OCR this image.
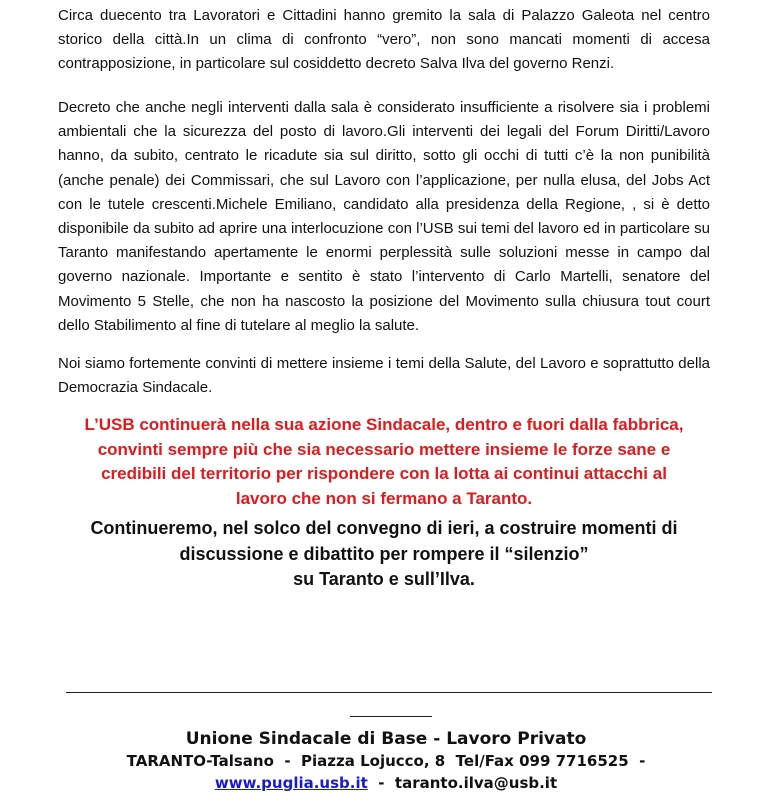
Circa duecento tra Lavoratori e Cittadini hanno gremito la sala di Palazzo Galeota nel centro storico della città.In un clima di confronto “vero”, non sono mancati momenti di accesa contrapposizione, in particolare sul cosiddetto decreto Salva Ilva del governo Renzi.

Decreto che anche negli interventi dalla sala è considerato insufficiente a risolvere sia i problemi ambientali che la sicurezza del posto di lavoro.Gli interventi dei legali del Forum Diritti/Lavoro hanno, da subito, centrato le ricadute sia sul diritto, sotto gli occhi di tutti c’è la non punibilità (anche penale) dei Commissari, che sul Lavoro con l’applicazione, per nulla elusa, del Jobs Act con le tutele crescenti.Michele Emiliano, candidato alla presidenza della Regione, , si è detto disponibile da subito ad aprire una interlocuzione con l’USB sui temi del lavoro ed in particolare su Taranto manifestando apertamente le enormi perplessità sulle soluzioni messe in campo dal governo nazionale. Importante e sentito è stato l’intervento di Carlo Martelli, senatore del Movimento 5 Stelle, che non ha nascosto la posizione del Movimento sulla chiusura tout court dello Stabilimento al fine di tutelare al meglio la salute.

Noi siamo fortemente convinti di mettere insieme i temi della Salute, del Lavoro e soprattutto della Democrazia Sindacale.

L’USB continuerà nella sua azione Sindacale, dentro e fuori dalla fabbrica,
convinti sempre più che sia necessario mettere insieme le forze sane e
credibili del territorio per rispondere con la lotta ai continui attacchi al
lavoro che non si fermano a Taranto.

Continueremo, nel solco del convegno di ieri, a costruire momenti di
discussione e dibattito per rompere il “silenzio”
su Taranto e sull’Ilva.

Unione Sindacale di Base - Lavoro Privato

TARANTO-Talsano  -  Piazza Lojucco, 8  Tel/Fax 099 7716525  -

www.puglia.usb.it  -  taranto.ilva@usb.it
